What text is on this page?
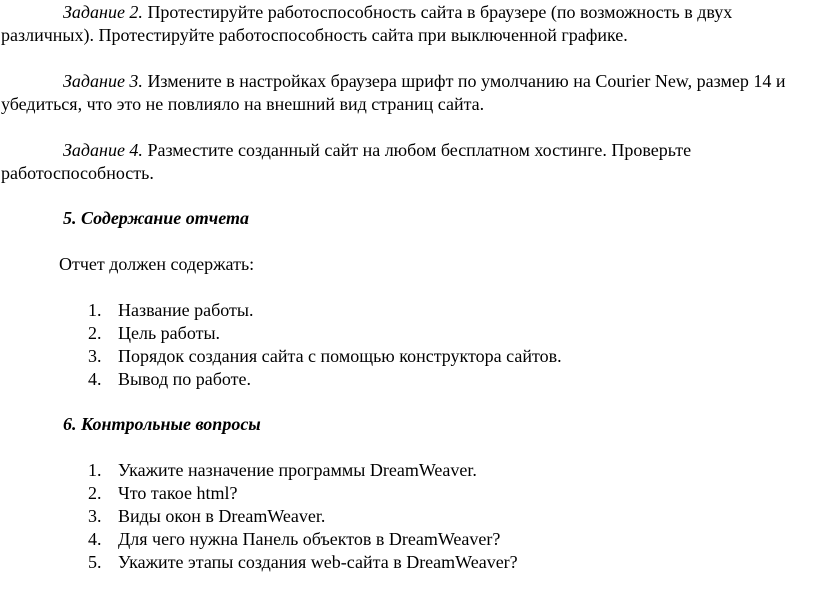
Задание 2. Протестируйте работоспособность сайта в браузере (по возможность в двух различных). Протестируйте работоспособность сайта при выключенной графике.

Задание 3. Измените в настройках браузера шрифт по умолчанию на Courier New, размер 14 и убедиться, что это не повлияло на внешний вид страниц сайта.

Задание 4. Разместите созданный сайт на любом бесплатном хостинге. Проверьте работоспособность.

5. Содержание отчета

Отчет должен содержать:

1. Название работы.
2. Цель работы.
3. Порядок создания сайта с помощью конструктора сайтов.
4. Вывод по работе.

6. Контрольные вопросы

1. Укажите назначение программы DreamWeaver.
2. Что такое html?
3. Виды окон в DreamWeaver.
4. Для чего нужна Панель объектов в DreamWeaver?
5. Укажите этапы создания web-сайта в DreamWeaver?
